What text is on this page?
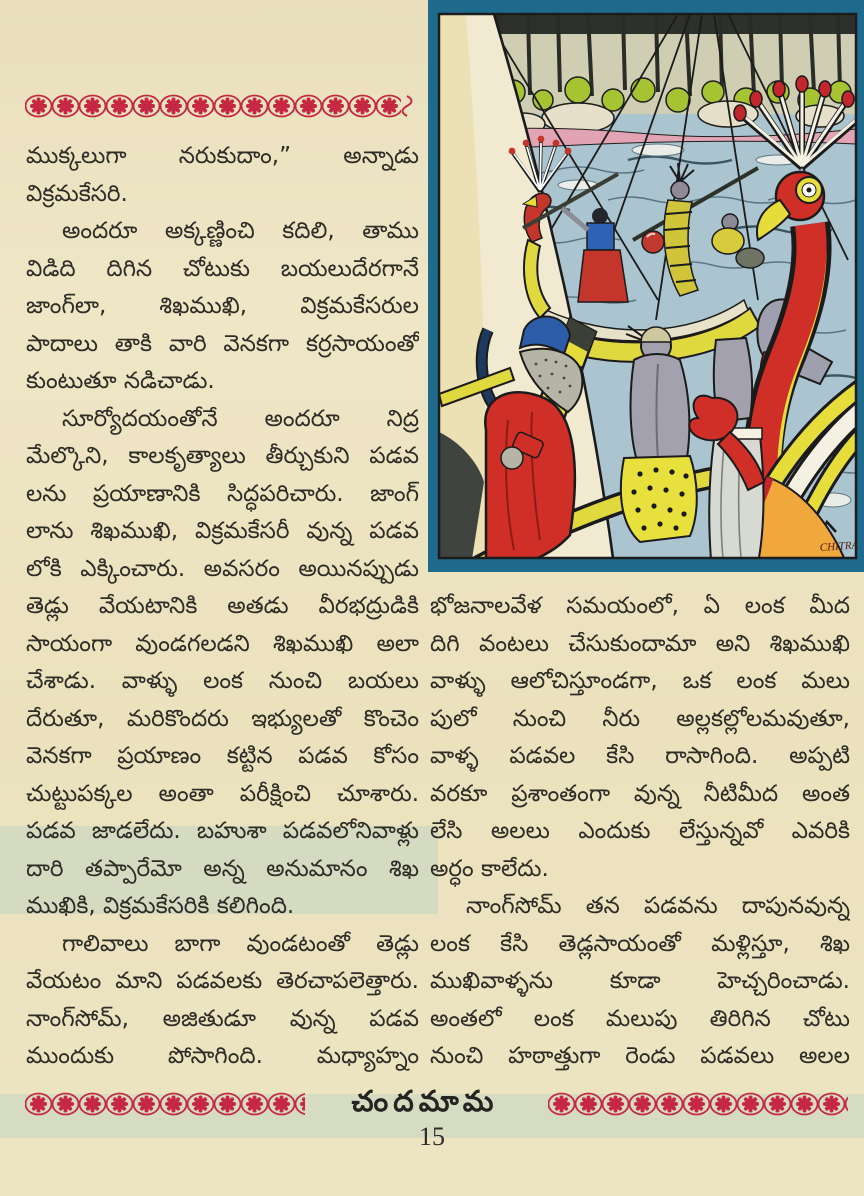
ముక్కలుగా నరుకుదాం,” అన్నాడు
విక్రమకేసరి.
అందరూ అక్కణ్ణించి కదిలి, తాము
విడిది దిగిన చోటుకు బయలుదేరగానే
జాంగ్‌లా, శిఖముఖి, విక్రమకేసరుల
పాదాలు తాకి వారి వెనకగా కర్రసాయంతో
కుంటుతూ నడిచాడు.
సూర్యోదయంతోనే అందరూ నిద్ర
మేల్కొని, కాలకృత్యాలు తీర్చుకుని పడవ
లను ప్రయాణానికి సిద్ధపరిచారు. జాంగ్
లాను శిఖముఖి, విక్రమకేసరీ వున్న పడవ
లోకి ఎక్కించారు. అవసరం అయినప్పుడు
తెడ్లు వేయటానికి అతడు వీరభద్రుడికి
సాయంగా వుండగలడని శిఖముఖి అలా
చేశాడు. వాళ్ళు లంక నుంచి బయలు
దేరుతూ, మరికొందరు ఇభ్యులతో కొంచెం
వెనకగా ప్రయాణం కట్టిన పడవ కోసం
చుట్టుపక్కల అంతా పరీక్షించి చూశారు.
పడవ జాడలేదు. బహుశా పడవలోనివాళ్లు
దారి తప్పారేమో అన్న అనుమానం శిఖ
ముఖికి, విక్రమకేసరికి కలిగింది.
గాలివాలు బాగా వుండటంతో తెడ్లు
వేయటం మాని పడవలకు తెరచాపలెత్తారు.
నాంగ్‌సోమ్, అజితుడూ వున్న పడవ
ముందుకు పోసాగింది. మధ్యాహ్నం
భోజనాలవేళ సమయంలో, ఏ లంక మీద
దిగి వంటలు చేసుకుందామా అని శిఖముఖి
వాళ్ళు ఆలోచిస్తూండగా, ఒక లంక మలు
పులో నుంచి నీరు అల్లకల్లోలమవుతూ,
వాళ్ళ పడవల కేసి రాసాగింది. అప్పటి
వరకూ ప్రశాంతంగా వున్న నీటిమీద అంత
లేసి అలలు ఎందుకు లేస్తున్నవో ఎవరికి
అర్ధం కాలేదు.
నాంగ్‌సోమ్ తన పడవను దాపునవున్న
లంక కేసి తెడ్లసాయంతో మళ్లిస్తూ, శిఖ
ముఖివాళ్ళను కూడా హెచ్చరించాడు.
అంతలో లంక మలుపు తిరిగిన చోటు
నుంచి హఠాత్తుగా రెండు పడవలు అలల
CHITRA
చందమామ
15
